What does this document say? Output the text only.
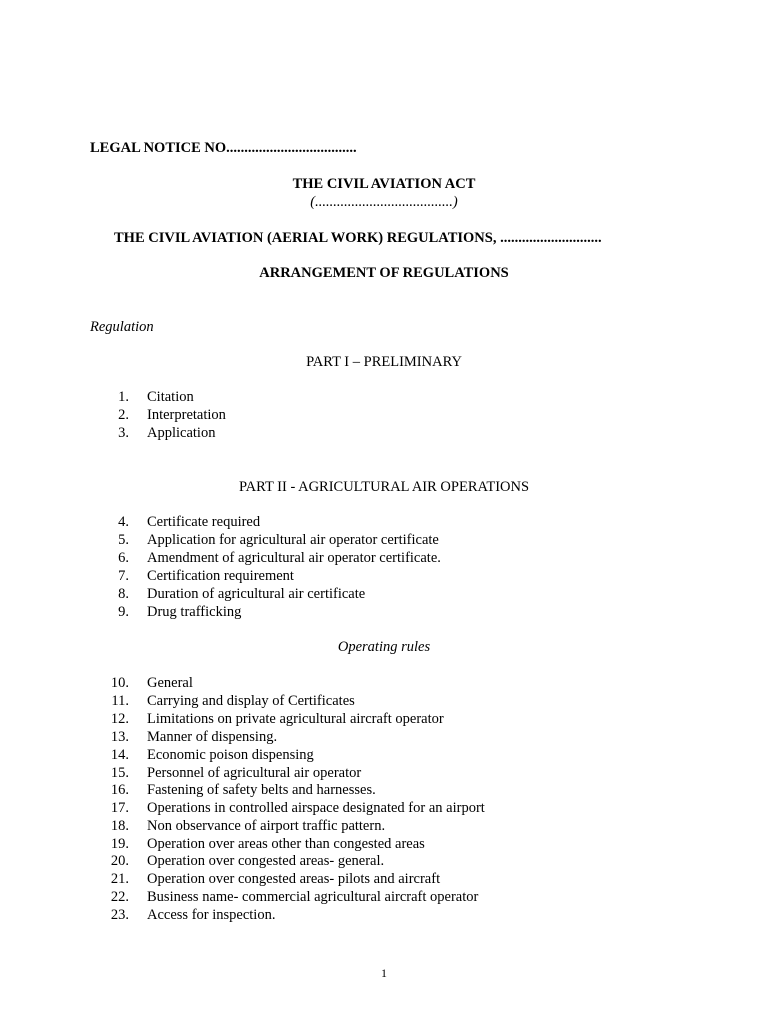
LEGAL NOTICE NO....................................
THE CIVIL AVIATION ACT
(......................................)
THE CIVIL AVIATION (AERIAL WORK) REGULATIONS, ............................
ARRANGEMENT OF REGULATIONS
Regulation
PART I – PRELIMINARY
1. Citation
2. Interpretation
3. Application
PART II - AGRICULTURAL AIR OPERATIONS
4. Certificate required
5. Application for agricultural air operator certificate
6. Amendment of agricultural air operator certificate.
7. Certification requirement
8. Duration of agricultural air certificate
9. Drug trafficking
Operating rules
10. General
11. Carrying and display of Certificates
12. Limitations on private agricultural aircraft operator
13. Manner of dispensing.
14. Economic poison dispensing
15. Personnel of agricultural air operator
16. Fastening of safety belts and harnesses.
17. Operations in controlled airspace designated for an airport
18. Non observance of airport traffic pattern.
19. Operation over areas other than congested areas
20. Operation over congested areas- general.
21. Operation over congested areas- pilots and aircraft
22. Business name- commercial agricultural aircraft operator
23. Access for inspection.
1
